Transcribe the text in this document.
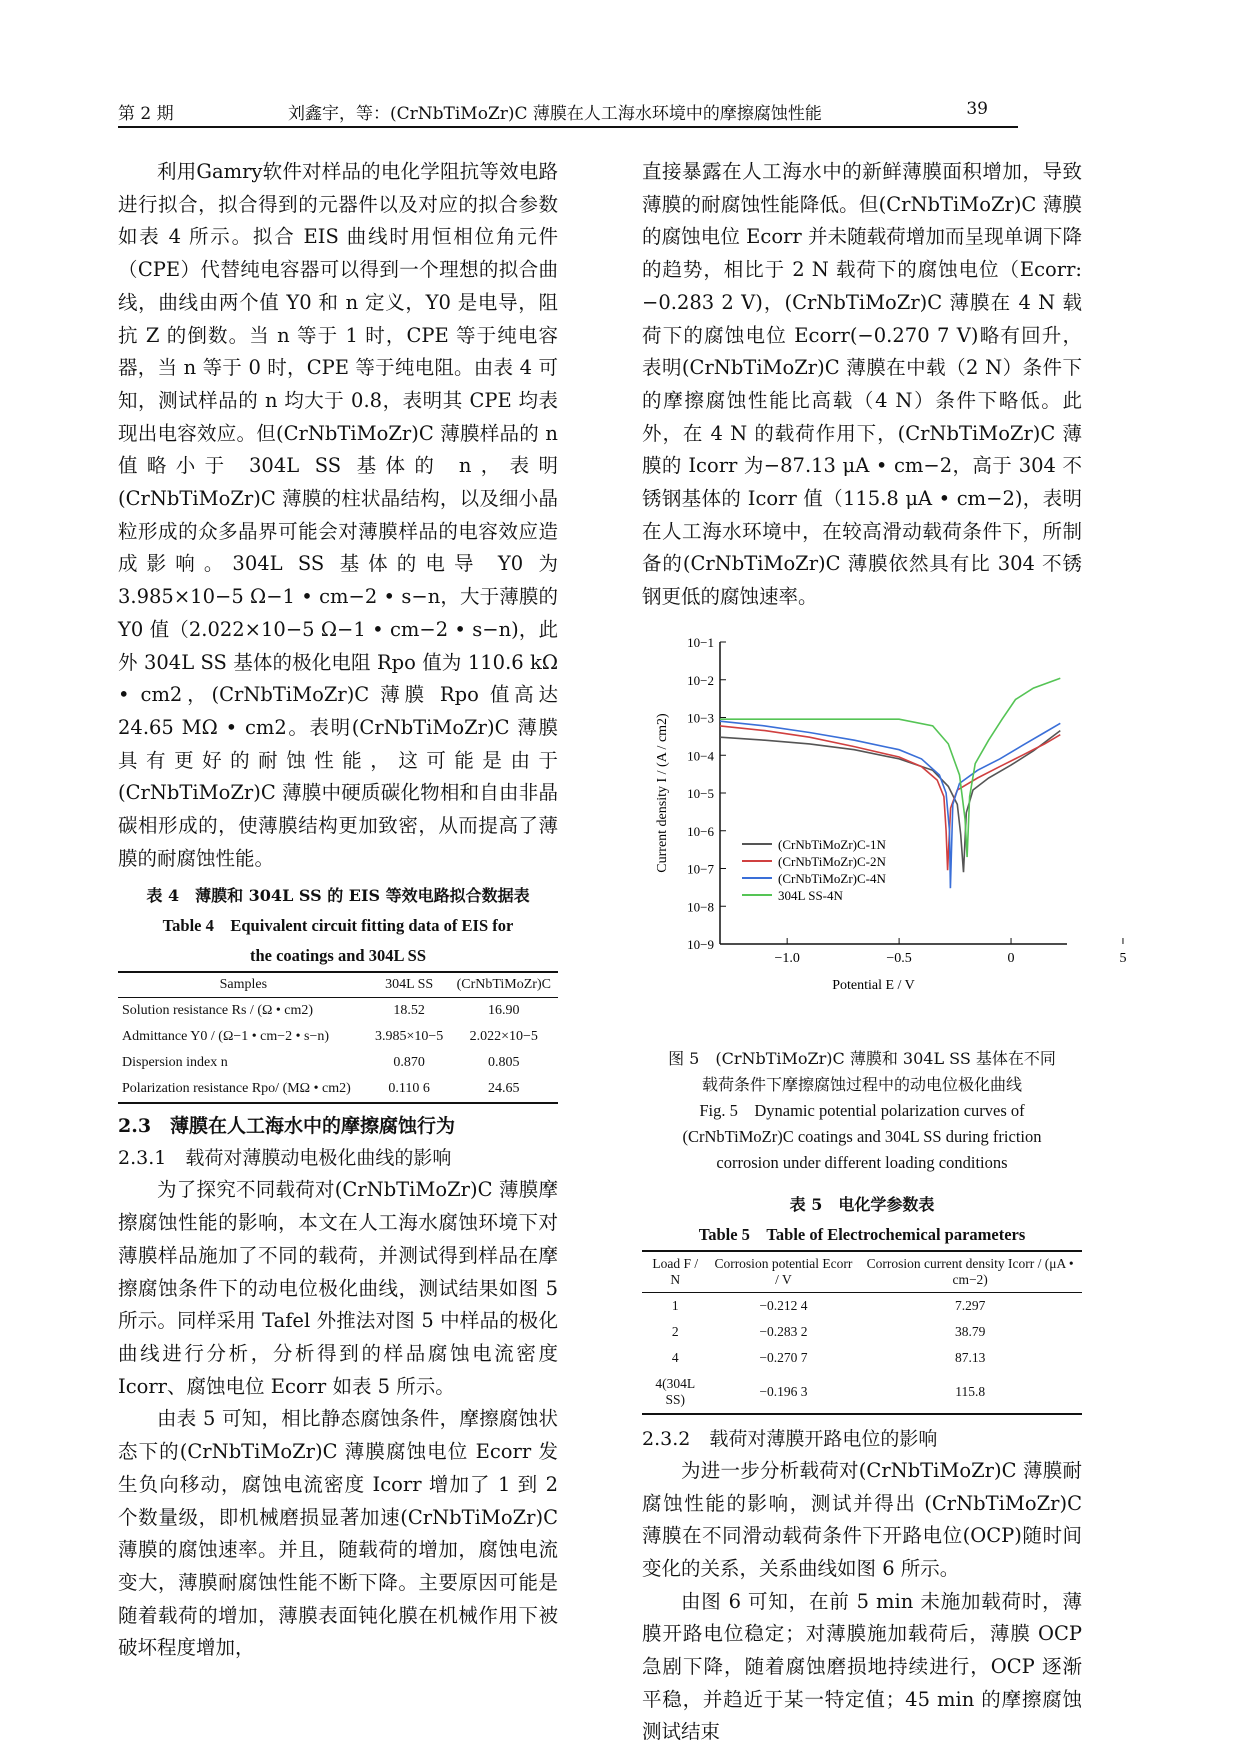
第 2 期	刘鑫宇，等：(CrNbTiMoZr)C 薄膜在人工海水环境中的摩擦腐蚀性能	39

利用Gamry软件对样品的电化学阻抗等效电路进行拟合，拟合得到的元器件以及对应的拟合参数如表 4 所示。拟合 EIS 曲线时用恒相位角元件（CPE）代替纯电容器可以得到一个理想的拟合曲线，曲线由两个值 Y0 和 n 定义，Y0 是电导，阻抗 Z 的倒数。当 n 等于 1 时，CPE 等于纯电容器，当 n 等于 0 时，CPE 等于纯电阻。由表 4 可知，测试样品的 n 均大于 0.8，表明其 CPE 均表现出电容效应。但(CrNbTiMoZr)C 薄膜样品的 n 值略小于 304L SS 基体的 n，表明(CrNbTiMoZr)C 薄膜的柱状晶结构，以及细小晶粒形成的众多晶界可能会对薄膜样品的电容效应造成影响。304L SS 基体的电导 Y0 为 3.985×10−5 Ω−1 • cm−2 • s−n，大于薄膜的 Y0 值（2.022×10−5 Ω−1 • cm−2 • s−n)，此外 304L SS 基体的极化电阻 Rpo 值为 110.6 kΩ • cm2，(CrNbTiMoZr)C 薄膜 Rpo 值高达 24.65 MΩ • cm2。表明(CrNbTiMoZr)C 薄膜具有更好的耐蚀性能，这可能是由于(CrNbTiMoZr)C 薄膜中硬质碳化物相和自由非晶碳相形成的，使薄膜结构更加致密，从而提高了薄膜的耐腐蚀性能。

表 4　薄膜和 304L SS 的 EIS 等效电路拟合数据表
Table 4　Equivalent circuit fitting data of EIS for
the coatings and 304L SS
Samples	304L SS	(CrNbTiMoZr)C
Solution resistance Rs / (Ω • cm2)	18.52	16.90
Admittance Y0 / (Ω−1 • cm−2 • s−n)	3.985×10−5	2.022×10−5
Dispersion index n	0.870	0.805
Polarization resistance Rpo/ (MΩ • cm2)	0.110 6	24.65
2.3　薄膜在人工海水中的摩擦腐蚀行为
2.3.1　载荷对薄膜动电极化曲线的影响

为了探究不同载荷对(CrNbTiMoZr)C 薄膜摩擦腐蚀性能的影响，本文在人工海水腐蚀环境下对薄膜样品施加了不同的载荷，并测试得到样品在摩擦腐蚀条件下的动电位极化曲线，测试结果如图 5 所示。同样采用 Tafel 外推法对图 5 中样品的极化曲线进行分析，分析得到的样品腐蚀电流密度 Icorr、腐蚀电位 Ecorr 如表 5 所示。

由表 5 可知，相比静态腐蚀条件，摩擦腐蚀状态下的(CrNbTiMoZr)C 薄膜腐蚀电位 Ecorr 发生负向移动，腐蚀电流密度 Icorr 增加了 1 到 2 个数量级，即机械磨损显著加速(CrNbTiMoZr)C 薄膜的腐蚀速率。并且，随载荷的增加，腐蚀电流变大，薄膜耐腐蚀性能不断下降。主要原因可能是随着载荷的增加，薄膜表面钝化膜在机械作用下被破坏程度增加，

直接暴露在人工海水中的新鲜薄膜面积增加，导致薄膜的耐腐蚀性能降低。但(CrNbTiMoZr)C 薄膜的腐蚀电位 Ecorr 并未随载荷增加而呈现单调下降的趋势，相比于 2 N 载荷下的腐蚀电位（Ecorr: −0.283 2 V)，(CrNbTiMoZr)C 薄膜在 4 N 载荷下的腐蚀电位 Ecorr(−0.270 7 V)略有回升，表明(CrNbTiMoZr)C 薄膜在中载（2 N）条件下的摩擦腐蚀性能比高载（4 N）条件下略低。此外，在 4 N 的载荷作用下，(CrNbTiMoZr)C 薄膜的 Icorr 为−87.13 μA • cm−2，高于 304 不锈钢基体的 Icorr 值（115.8 μA • cm−2)，表明在人工海水环境中，在较高滑动载荷条件下，所制备的(CrNbTiMoZr)C 薄膜依然具有比 304 不锈钢更低的腐蚀速率。

10−9
10−8
10−7
10−6
10−5
10−4
10−3
10−2
10−1
−1.0	−0.5	0	5
Potential E / V
Current density I / (A / cm2)	(CrNbTiMoZr)C-1N
(CrNbTiMoZr)C-2N
(CrNbTiMoZr)C-4N
304L SS-4N
图 5　(CrNbTiMoZr)C 薄膜和 304L SS 基体在不同
载荷条件下摩擦腐蚀过程中的动电位极化曲线
Fig. 5　Dynamic potential polarization curves of
(CrNbTiMoZr)C coatings and 304L SS during friction
corrosion under different loading conditions
表 5　电化学参数表
Table 5　Table of Electrochemical parameters
Load F / N	Corrosion potential Ecorr / V	Corrosion current density Icorr / (μA • cm−2)
1	−0.212 4	7.297
2	−0.283 2	38.79
4	−0.270 7	87.13
4(304L SS)	−0.196 3	115.8
2.3.2　载荷对薄膜开路电位的影响

为进一步分析载荷对(CrNbTiMoZr)C 薄膜耐腐蚀性能的影响，测试并得出 (CrNbTiMoZr)C 薄膜在不同滑动载荷条件下开路电位(OCP)随时间变化的关系，关系曲线如图 6 所示。

由图 6 可知，在前 5 min 未施加载荷时，薄膜开路电位稳定；对薄膜施加载荷后，薄膜 OCP 急剧下降，随着腐蚀磨损地持续进行，OCP 逐渐平稳，并趋近于某一特定值；45 min 的摩擦腐蚀测试结束
